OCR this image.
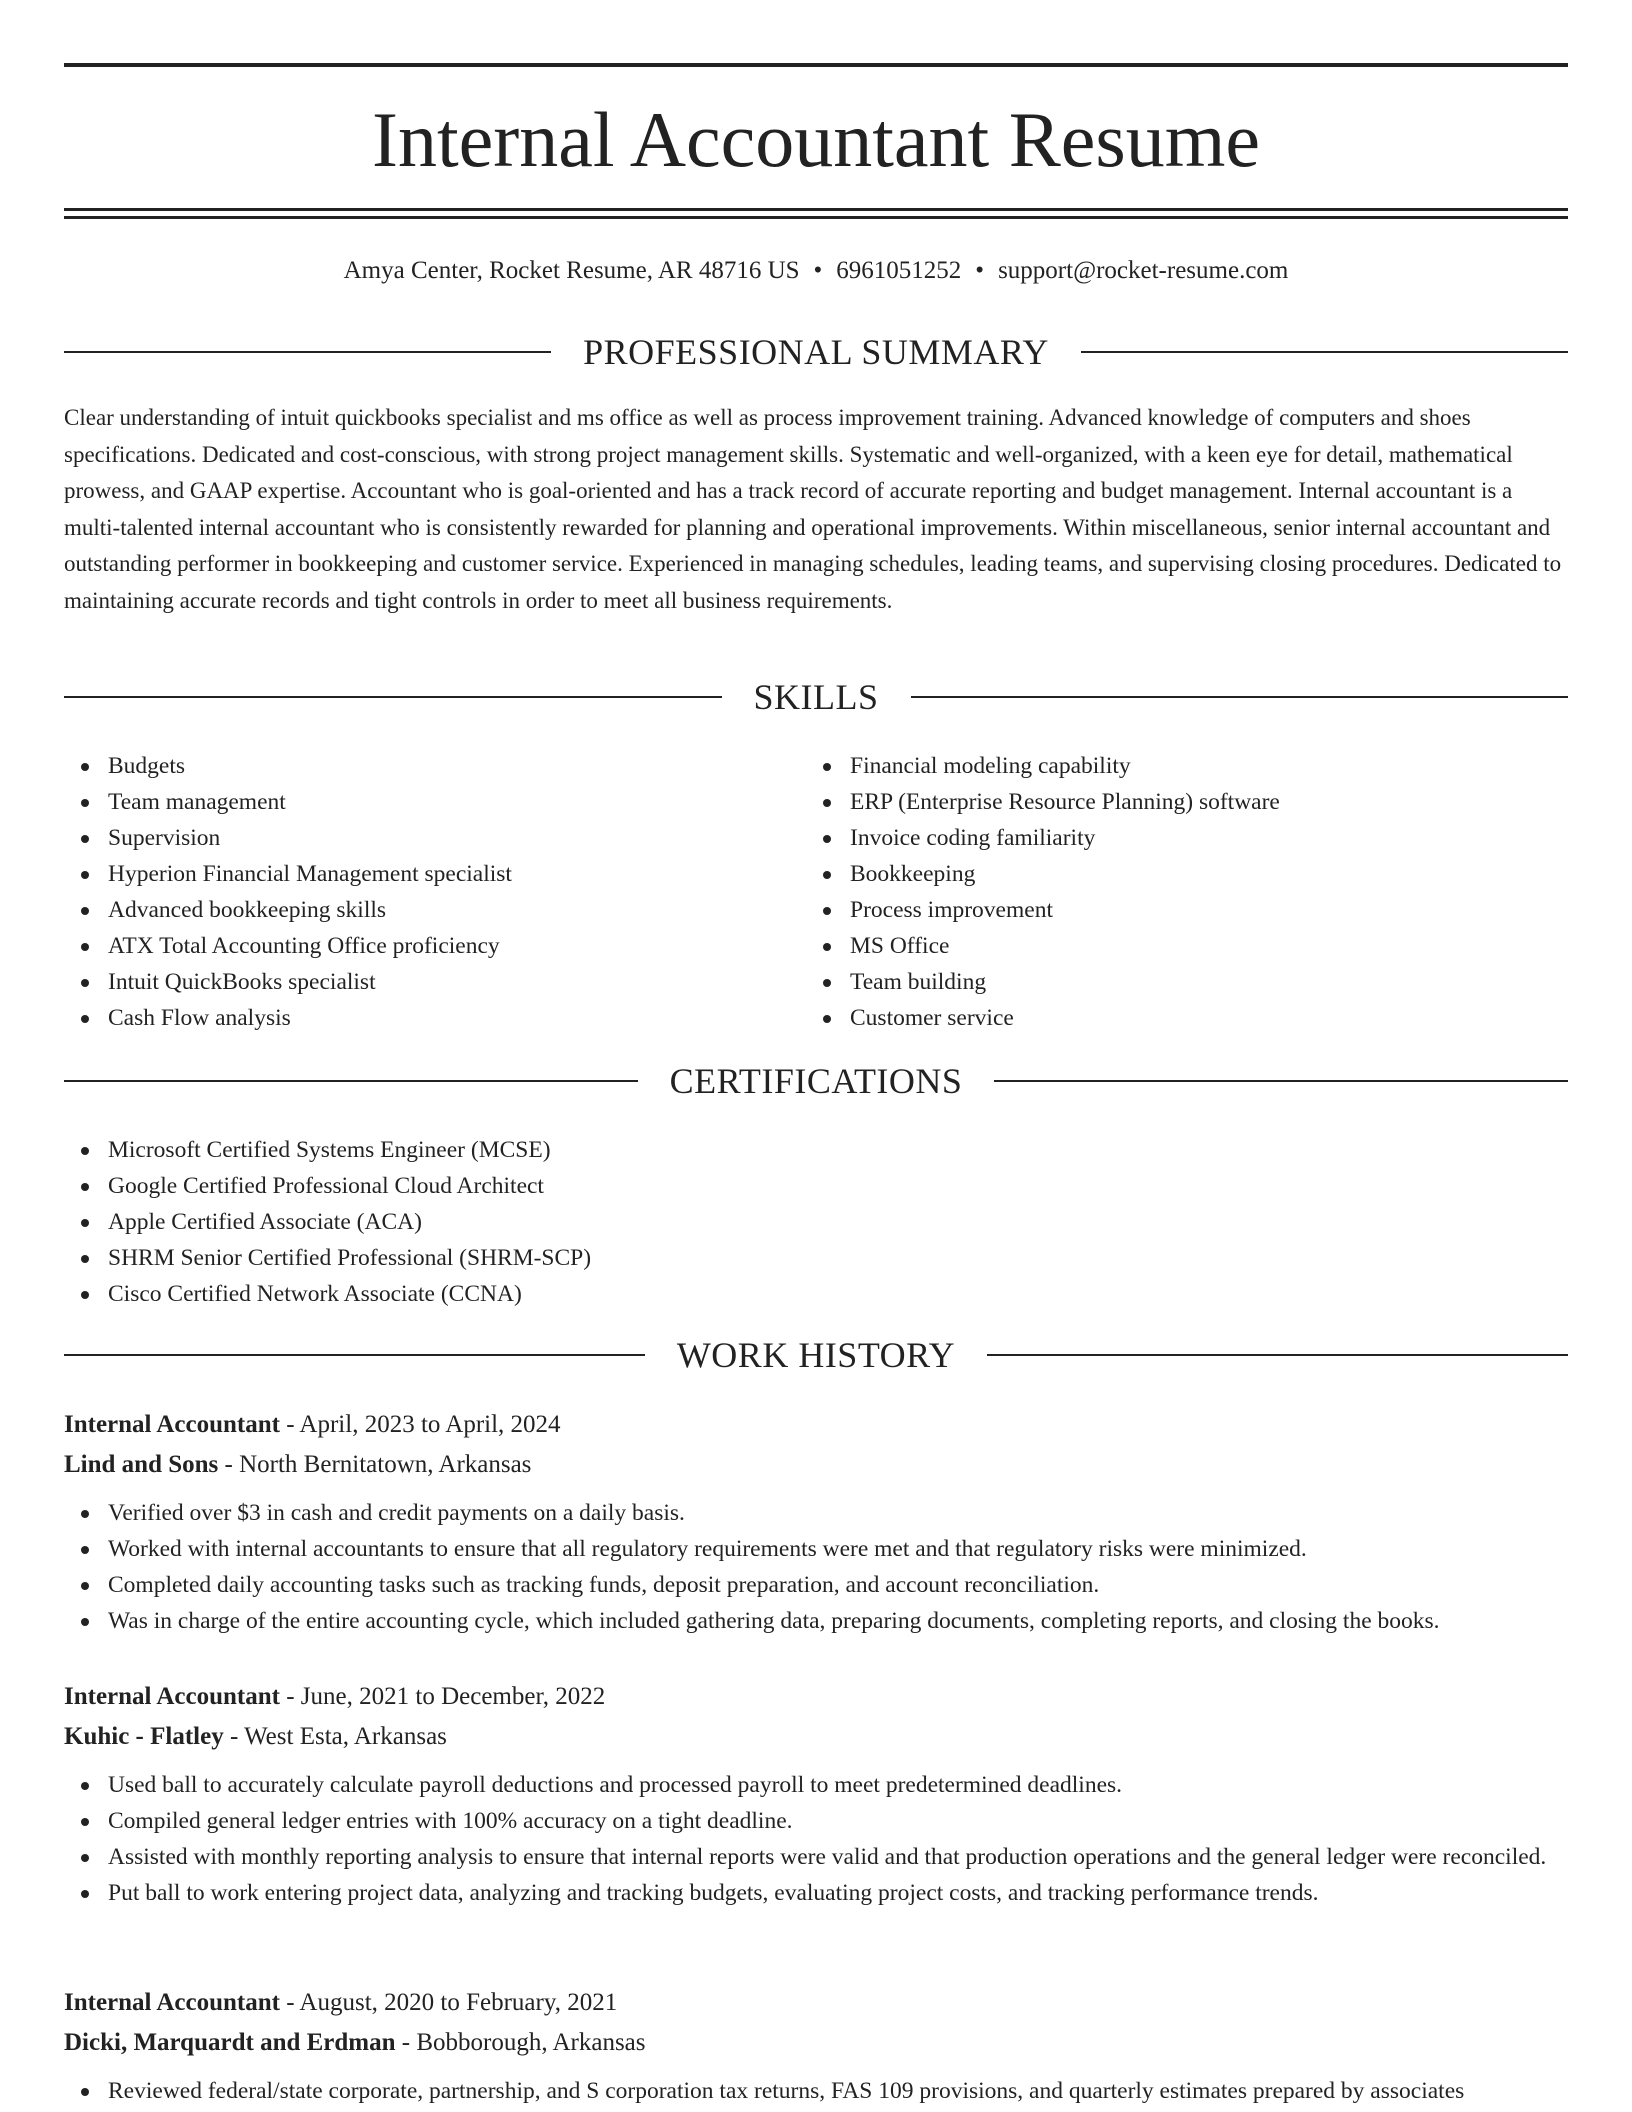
Internal Accountant Resume
Amya Center, Rocket Resume, AR 48716 US • 6961051252 • support@rocket-resume.com
PROFESSIONAL SUMMARY

Clear understanding of intuit quickbooks specialist and ms office as well as process improvement training. Advanced knowledge of computers and shoes specifications. Dedicated and cost-conscious, with strong project management skills. Systematic and well-organized, with a keen eye for detail, mathematical prowess, and GAAP expertise. Accountant who is goal-oriented and has a track record of accurate reporting and budget management. Internal accountant is a multi-talented internal accountant who is consistently rewarded for planning and operational improvements. Within miscellaneous, senior internal accountant and outstanding performer in bookkeeping and customer service. Experienced in managing schedules, leading teams, and supervising closing procedures. Dedicated to maintaining accurate records and tight controls in order to meet all business requirements.

SKILLS
Budgets
Team management
Supervision
Hyperion Financial Management specialist
Advanced bookkeeping skills
ATX Total Accounting Office proficiency
Intuit QuickBooks specialist
Cash Flow analysis
Financial modeling capability
ERP (Enterprise Resource Planning) software
Invoice coding familiarity
Bookkeeping
Process improvement
MS Office
Team building
Customer service
CERTIFICATIONS
Microsoft Certified Systems Engineer (MCSE)
Google Certified Professional Cloud Architect
Apple Certified Associate (ACA)
SHRM Senior Certified Professional (SHRM-SCP)
Cisco Certified Network Associate (CCNA)
WORK HISTORY
Internal Accountant - April, 2023 to April, 2024
Lind and Sons - North Bernitatown, Arkansas
Verified over $3 in cash and credit payments on a daily basis.
Worked with internal accountants to ensure that all regulatory requirements were met and that regulatory risks were minimized.
Completed daily accounting tasks such as tracking funds, deposit preparation, and account reconciliation.
Was in charge of the entire accounting cycle, which included gathering data, preparing documents, completing reports, and closing the books.
Internal Accountant - June, 2021 to December, 2022
Kuhic - Flatley - West Esta, Arkansas
Used ball to accurately calculate payroll deductions and processed payroll to meet predetermined deadlines.
Compiled general ledger entries with 100% accuracy on a tight deadline.
Assisted with monthly reporting analysis to ensure that internal reports were valid and that production operations and the general ledger were reconciled.
Put ball to work entering project data, analyzing and tracking budgets, evaluating project costs, and tracking performance trends.
Internal Accountant - August, 2020 to February, 2021
Dicki, Marquardt and Erdman - Bobborough, Arkansas
Reviewed federal/state corporate, partnership, and S corporation tax returns, FAS 109 provisions, and quarterly estimates prepared by associates
